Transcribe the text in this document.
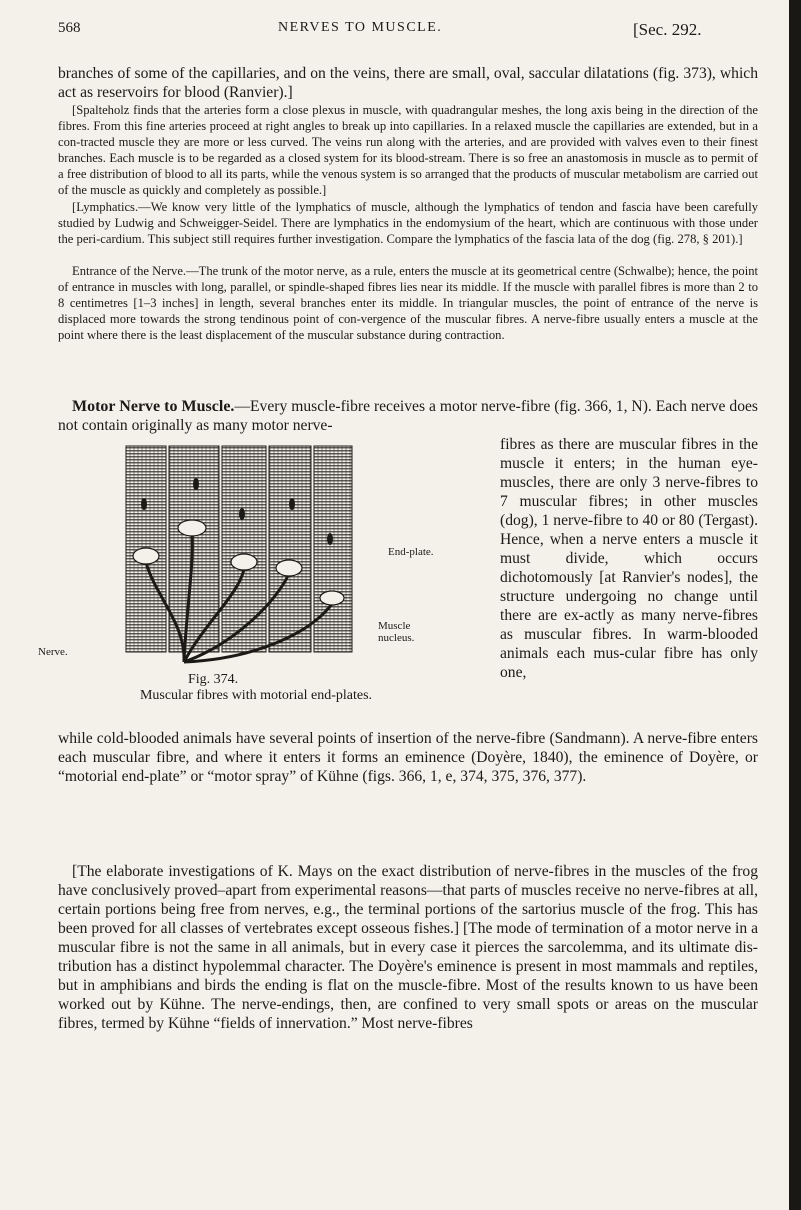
568	NERVES TO MUSCLE.	[Sec. 292.
branches of some of the capillaries, and on the veins, there are small, oval, saccular dilatations (fig. 373), which act as reservoirs for blood (Ranvier).]
[Spalteholz finds that the arteries form a close plexus in muscle, with quadrangular meshes, the long axis being in the direction of the fibres. From this fine arteries proceed at right angles to break up into capillaries. In a relaxed muscle the capillaries are extended, but in a con-tracted muscle they are more or less curved. The veins run along with the arteries, and are provided with valves even to their finest branches. Each muscle is to be regarded as a closed system for its blood-stream. There is so free an anastomosis in muscle as to permit of a free distribution of blood to all its parts, while the venous system is so arranged that the products of muscular metabolism are carried out of the muscle as quickly and completely as possible.]
[Lymphatics.—We know very little of the lymphatics of muscle, although the lymphatics of tendon and fascia have been carefully studied by Ludwig and Schweigger-Seidel. There are lymphatics in the endomysium of the heart, which are continuous with those under the peri-cardium. This subject still requires further investigation. Compare the lymphatics of the fascia lata of the dog (fig. 278, § 201).]
Entrance of the Nerve.—The trunk of the motor nerve, as a rule, enters the muscle at its geometrical centre (Schwalbe); hence, the point of entrance in muscles with long, parallel, or spindle-shaped fibres lies near its middle. If the muscle with parallel fibres is more than 2 to 8 centimetres [1–3 inches] in length, several branches enter its middle. In triangular muscles, the point of entrance of the nerve is displaced more towards the strong tendinous point of con-vergence of the muscular fibres. A nerve-fibre usually enters a muscle at the point where there is the least displacement of the muscular substance during contraction.
Motor Nerve to Muscle.—Every muscle-fibre receives a motor nerve-fibre (fig. 366, 1, N). Each nerve does not contain originally as many motor nerve-
fibres as there are muscular fibres in the muscle it enters; in the human eye-muscles, there are only 3 nerve-fibres to 7 muscular fibres; in other muscles (dog), 1 nerve-fibre to 40 or 80 (Tergast). Hence, when a nerve enters a muscle it must divide, which occurs dichotomously [at Ranvier's nodes], the structure undergoing no change until there are ex-actly as many nerve-fibres as muscular fibres. In warm-blooded animals each mus-cular fibre has only one,
End-plate.
Muscle nucleus.
Nerve.
Fig. 374.
Muscular fibres with motorial end-plates.
while cold-blooded animals have several points of insertion of the nerve-fibre (Sandmann). A nerve-fibre enters each muscular fibre, and where it enters it forms an eminence (Doyère, 1840), the eminence of Doyère, or “motorial end-plate” or “motor spray” of Kühne (figs. 366, 1, e, 374, 375, 376, 377).
[The elaborate investigations of K. Mays on the exact distribution of nerve-fibres in the muscles of the frog have conclusively proved–apart from experimental reasons—that parts of muscles receive no nerve-fibres at all, certain portions being free from nerves, e.g., the terminal portions of the sartorius muscle of the frog. This has been proved for all classes of vertebrates except osseous fishes.] [The mode of termination of a motor nerve in a muscular fibre is not the same in all animals, but in every case it pierces the sarcolemma, and its ultimate dis-tribution has a distinct hypolemmal character. The Doyère's eminence is present in most mammals and reptiles, but in amphibians and birds the ending is flat on the muscle-fibre. Most of the results known to us have been worked out by Kühne. The nerve-endings, then, are confined to very small spots or areas on the muscular fibres, termed by Kühne “fields of innervation.” Most nerve-fibres
